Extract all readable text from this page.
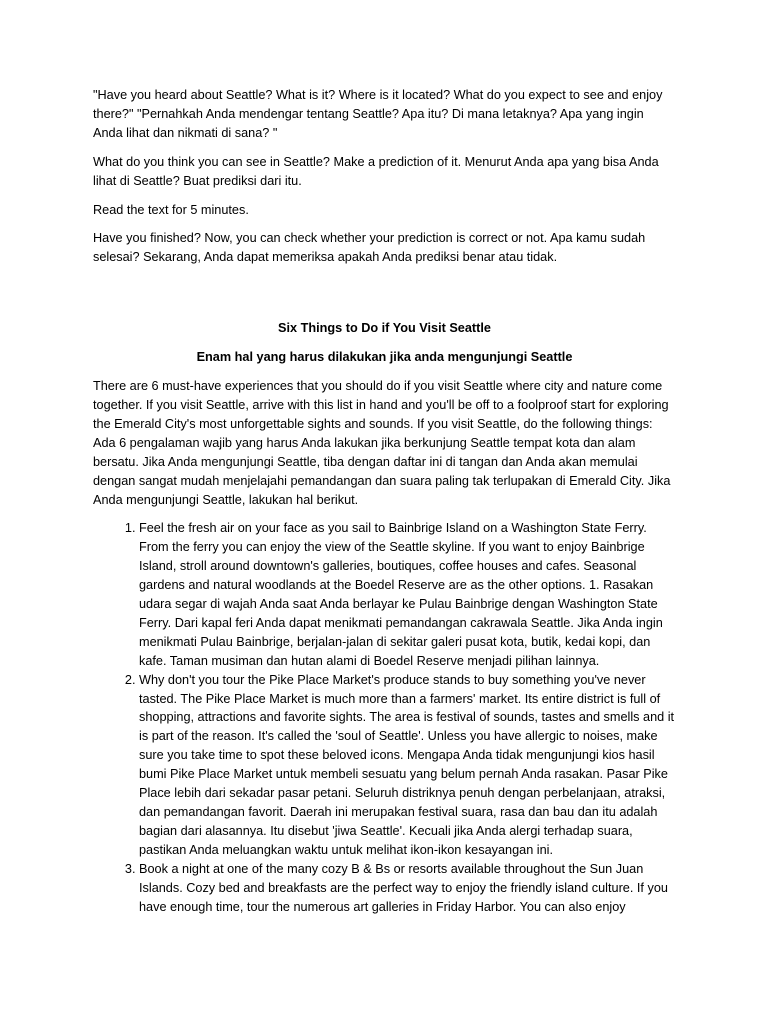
"Have you heard about Seattle? What is it? Where is it located? What do you expect to see and enjoy there?" "Pernahkah Anda mendengar tentang Seattle? Apa itu? Di mana letaknya? Apa yang ingin Anda lihat dan nikmati di sana? "

What do you think you can see in Seattle? Make a prediction of it. Menurut Anda apa yang bisa Anda lihat di Seattle? Buat prediksi dari itu.

Read the text for 5 minutes.

Have you finished? Now, you can check whether your prediction is correct or not. Apa kamu sudah selesai? Sekarang, Anda dapat memeriksa apakah Anda prediksi benar atau tidak.

Six Things to Do if You Visit Seattle

Enam hal yang harus dilakukan jika anda mengunjungi Seattle

There are 6 must-have experiences that you should do if you visit Seattle where city and nature come together. If you visit Seattle, arrive with this list in hand and you'll be off to a foolproof start for exploring the Emerald City's most unforgettable sights and sounds. If you visit Seattle, do the following things: Ada 6 pengalaman wajib yang harus Anda lakukan jika berkunjung Seattle tempat kota dan alam bersatu. Jika Anda mengunjungi Seattle, tiba dengan daftar ini di tangan dan Anda akan memulai dengan sangat mudah menjelajahi pemandangan dan suara paling tak terlupakan di Emerald City. Jika Anda mengunjungi Seattle, lakukan hal berikut.

1. Feel the fresh air on your face as you sail to Bainbrige Island on a Washington State Ferry. From the ferry you can enjoy the view of the Seattle skyline. If you want to enjoy Bainbrige Island, stroll around downtown's galleries, boutiques, coffee houses and cafes. Seasonal gardens and natural woodlands at the Boedel Reserve are as the other options. 1. Rasakan udara segar di wajah Anda saat Anda berlayar ke Pulau Bainbrige dengan Washington State Ferry. Dari kapal feri Anda dapat menikmati pemandangan cakrawala Seattle. Jika Anda ingin menikmati Pulau Bainbrige, berjalan-jalan di sekitar galeri pusat kota, butik, kedai kopi, dan kafe. Taman musiman dan hutan alami di Boedel Reserve menjadi pilihan lainnya.
2. Why don't you tour the Pike Place Market's produce stands to buy something you've never tasted. The Pike Place Market is much more than a farmers' market. Its entire district is full of shopping, attractions and favorite sights. The area is festival of sounds, tastes and smells and it is part of the reason. It's called the 'soul of Seattle'. Unless you have allergic to noises, make sure you take time to spot these beloved icons. Mengapa Anda tidak mengunjungi kios hasil bumi Pike Place Market untuk membeli sesuatu yang belum pernah Anda rasakan. Pasar Pike Place lebih dari sekadar pasar petani. Seluruh distriknya penuh dengan perbelanjaan, atraksi, dan pemandangan favorit. Daerah ini merupakan festival suara, rasa dan bau dan itu adalah bagian dari alasannya. Itu disebut 'jiwa Seattle'. Kecuali jika Anda alergi terhadap suara, pastikan Anda meluangkan waktu untuk melihat ikon-ikon kesayangan ini.
3. Book a night at one of the many cozy B & Bs or resorts available throughout the Sun Juan Islands. Cozy bed and breakfasts are the perfect way to enjoy the friendly island culture. If you have enough time, tour the numerous art galleries in Friday Harbor. You can also enjoy
